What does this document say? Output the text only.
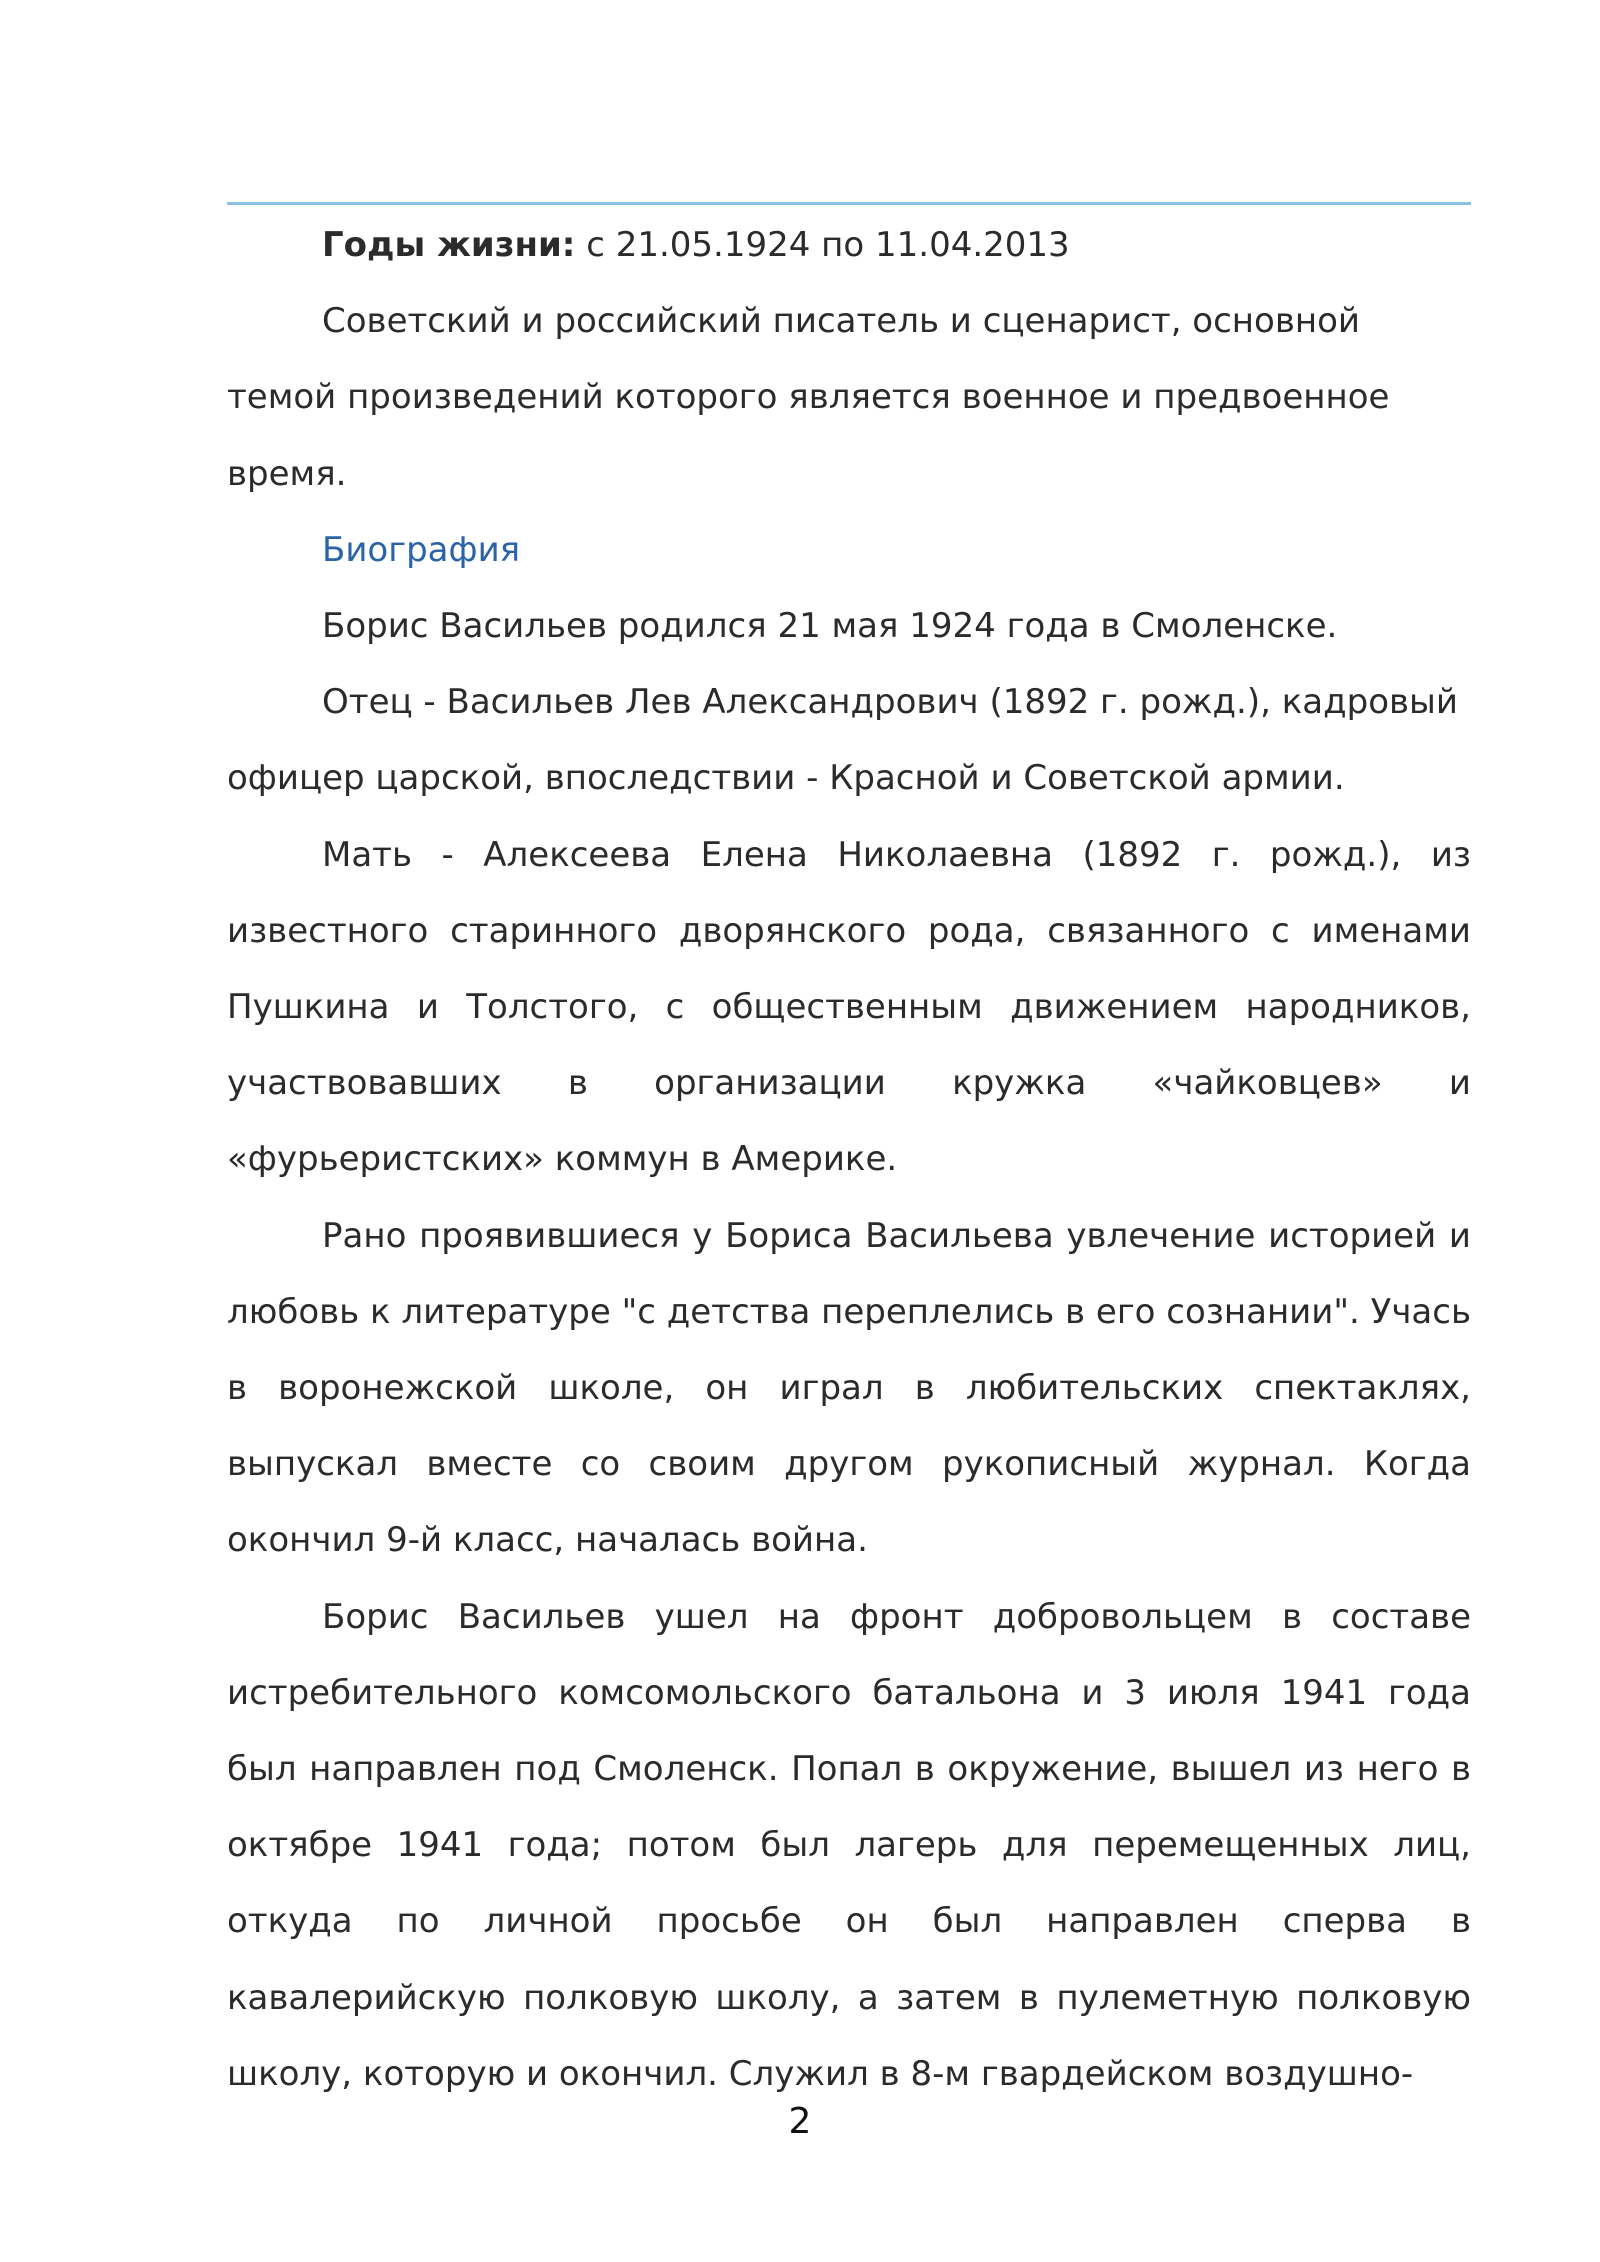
Годы жизни: с 21.05.1924 по 11.04.2013

Советский и российский писатель и сценарист, основной темой произведений которого является военное и предвоенное время.

Биография

Борис Васильев родился 21 мая 1924 года в Смоленске.

Отец - Васильев Лев Александрович (1892 г. рожд.), кадровый офицер царской, впоследствии - Красной и Советской армии.

Мать - Алексеева Елена Николаевна (1892 г. рожд.), из известного старинного дворянского рода, связанного с именами Пушкина и Толстого, с общественным движением народников, участвовавших в организации кружка «чайковцев» и «фурьеристских» коммун в Америке.

Рано проявившиеся у Бориса Васильева увлечение историей и любовь к литературе "с детства переплелись в его сознании". Учась в воронежской школе, он играл в любительских спектаклях, выпускал вместе со своим другом рукописный журнал. Когда окончил 9-й класс, началась война.

Борис Васильев ушел на фронт добровольцем в составе истребительного комсомольского батальона и 3 июля 1941 года был направлен под Смоленск. Попал в окружение, вышел из него в октябре 1941 года; потом был лагерь для перемещенных лиц, откуда по личной просьбе он был направлен сперва в кавалерийскую полковую школу, а затем в пулеметную полковую школу, которую и окончил. Служил в 8-м гвардейском воздушно-

2
